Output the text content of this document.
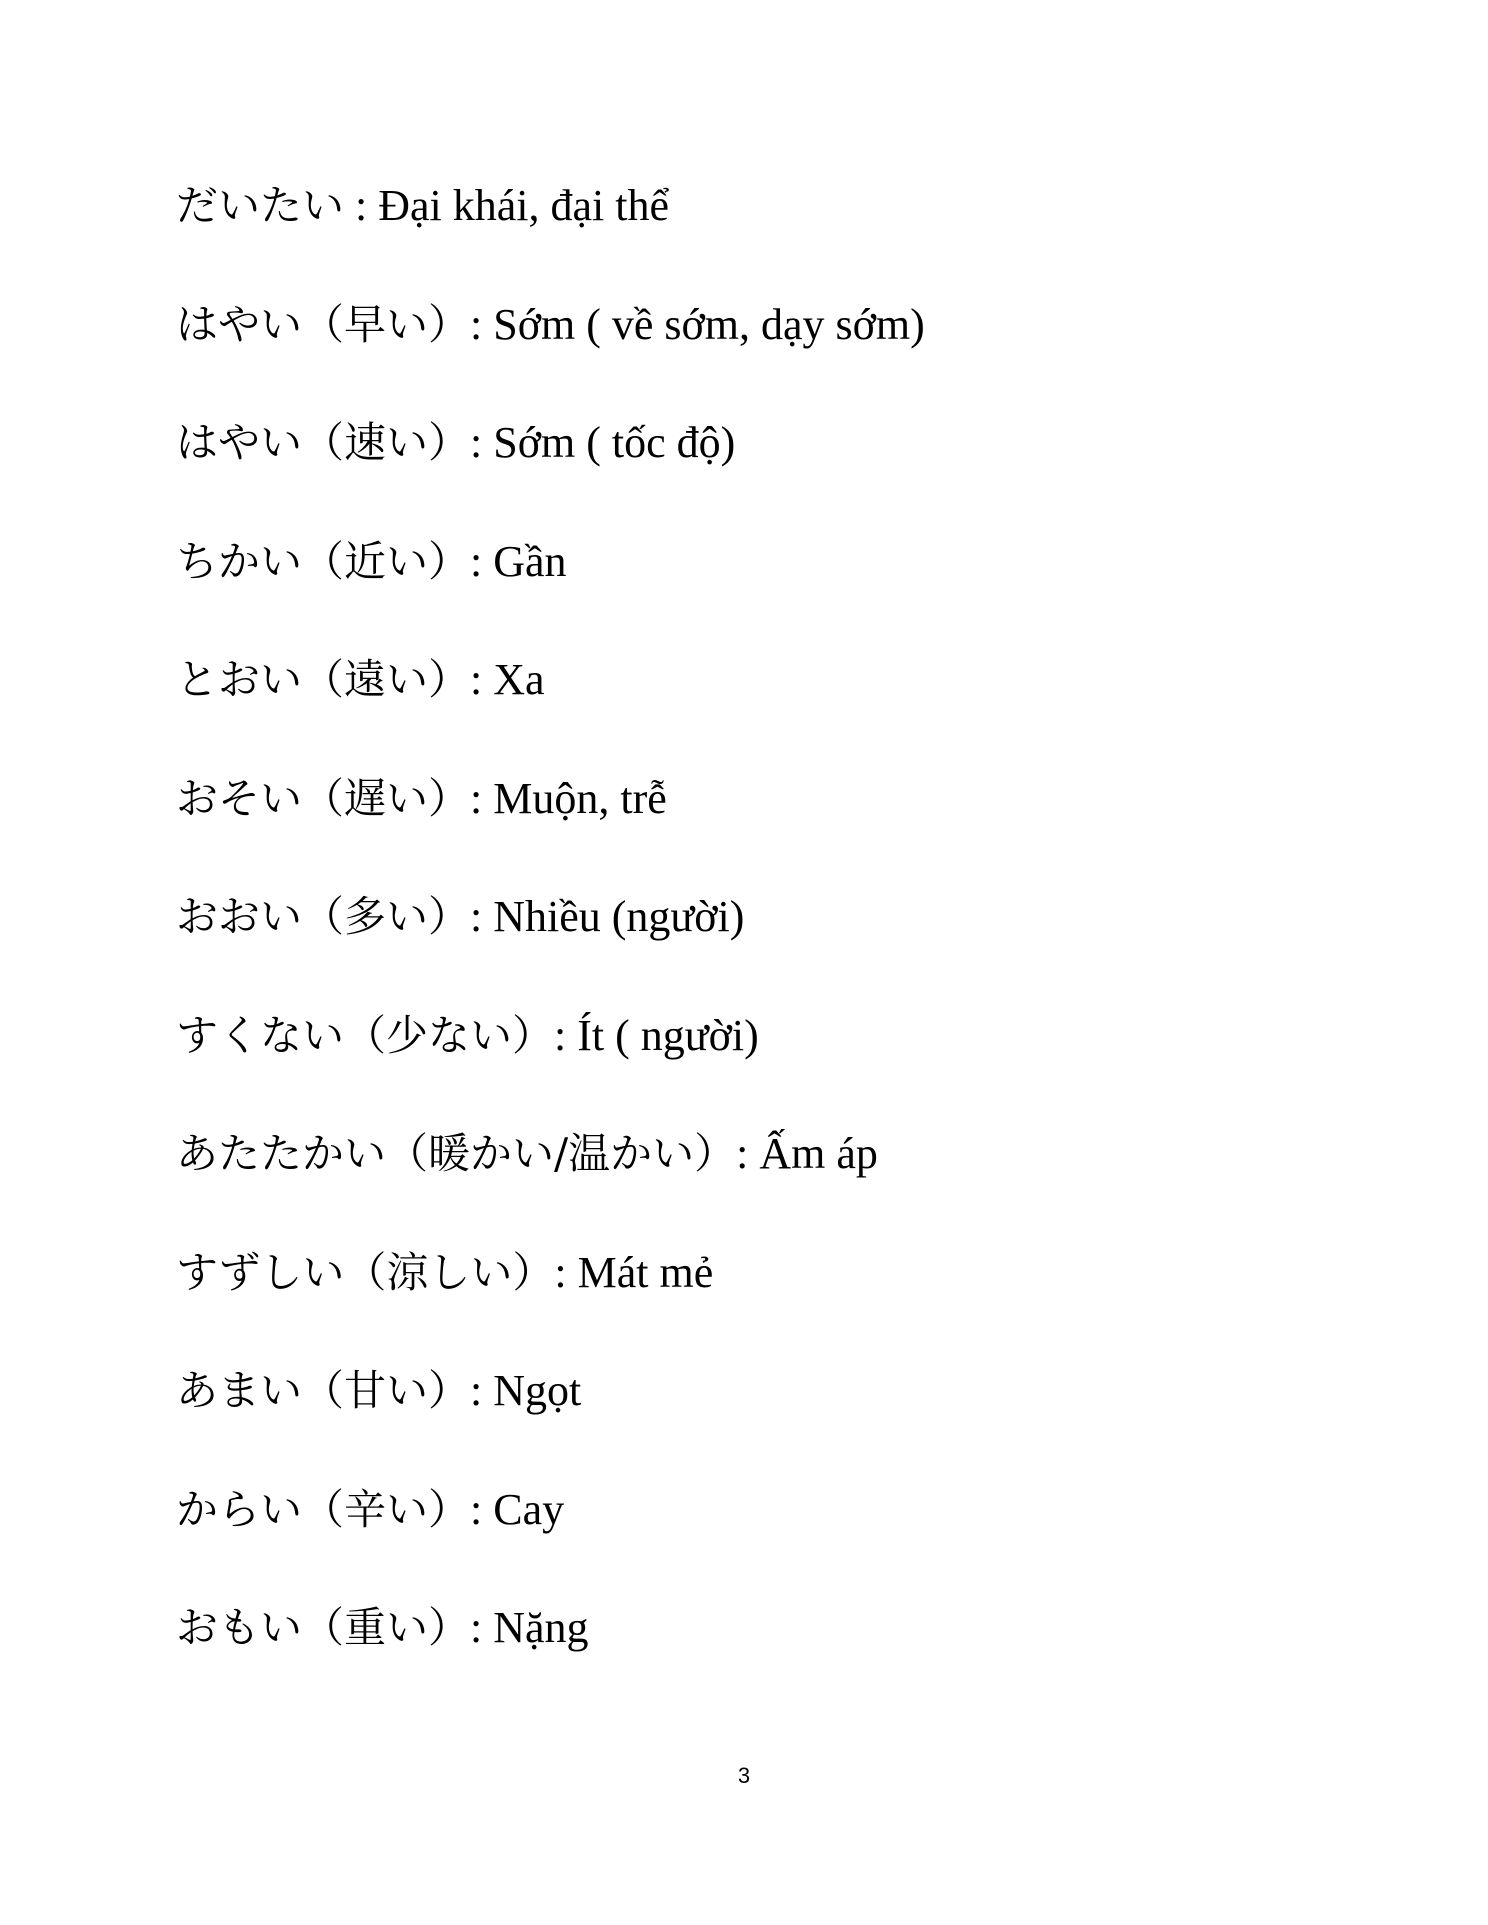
だいたい : Đại khái, đại thể
はやい（早い）: Sớm ( về sớm, dạy sớm)
はやい（速い）: Sớm ( tốc độ)
ちかい（近い）: Gần
とおい（遠い）: Xa
おそい（遅い）: Muộn, trễ
おおい（多い）: Nhiều (người)
すくない（少ない）: Ít ( người)
あたたかい（暖かい/温かい）: Ấm áp
すずしい（涼しい）: Mát mẻ
あまい（甘い）: Ngọt
からい（辛い）: Cay
おもい（重い）: Nặng
3
